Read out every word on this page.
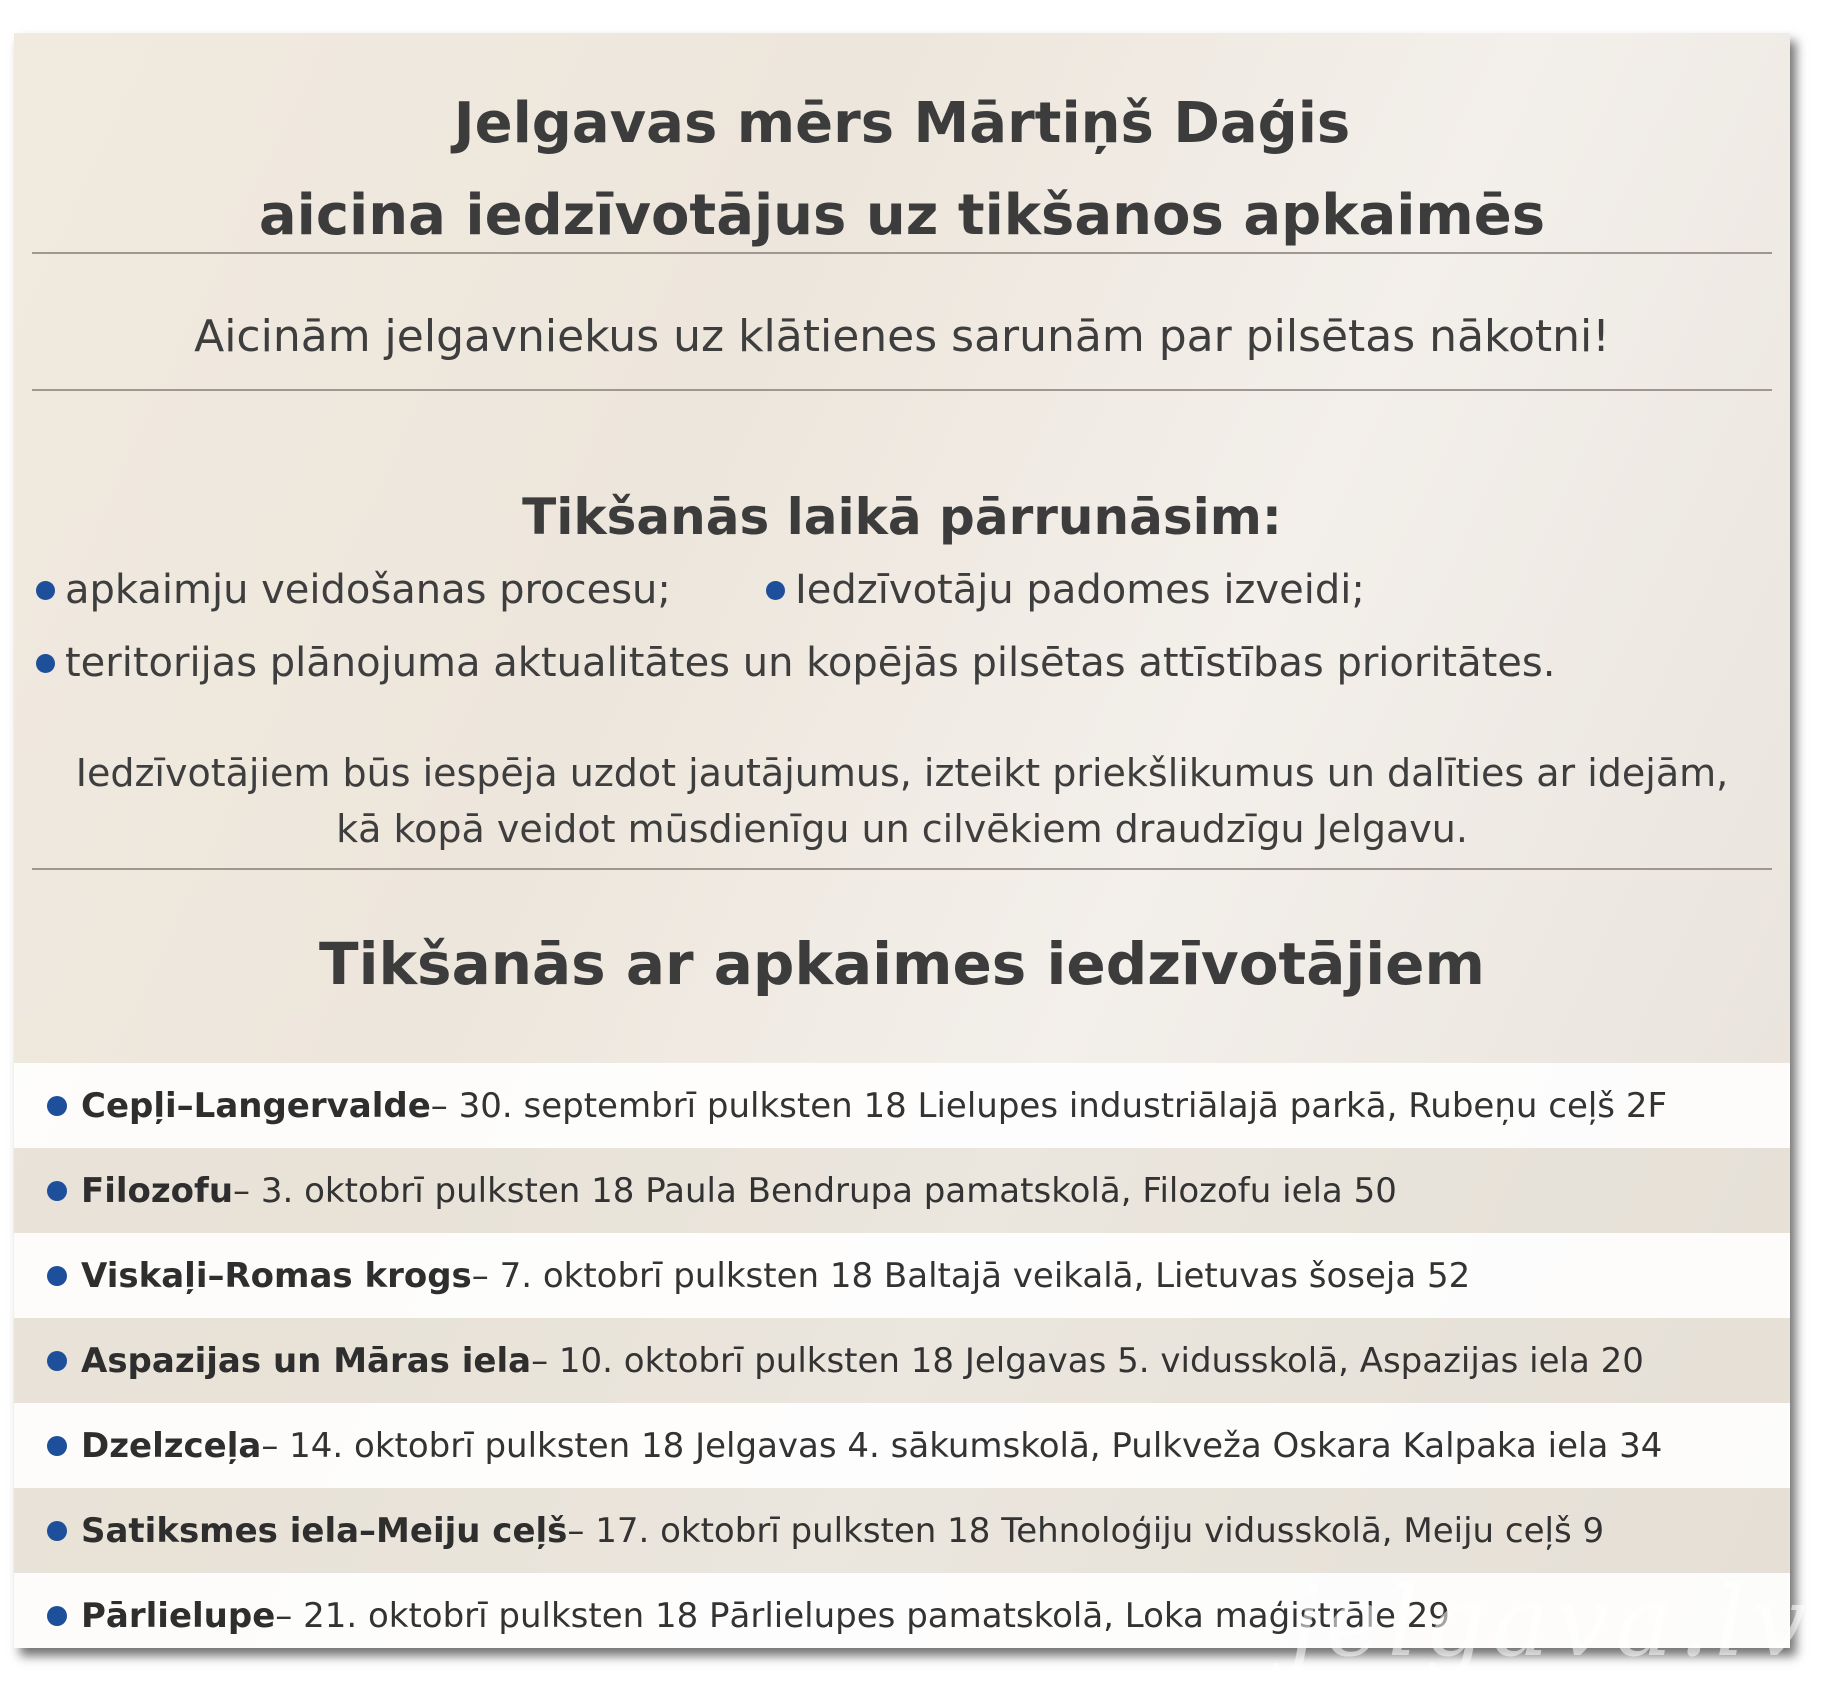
Jelgavas mērs Mārtiņš Daģis
aicina iedzīvotājus uz tikšanos apkaimēs

Aicinām jelgavniekus uz klātienes sarunām par pilsētas nākotni!

Tikšanās laikā pārrunāsim:
apkaimju veidošanas procesu;	Iedzīvotāju padomes izveidi;
teritorijas plānojuma aktualitātes un kopējās pilsētas attīstības prioritātes.

Iedzīvotājiem būs iespēja uzdot jautājumus, izteikt priekšlikumus un dalīties ar idejām,

kā kopā veidot mūsdienīgu un cilvēkiem draudzīgu Jelgavu.

Tikšanās ar apkaimes iedzīvotājiem
Cepļi–Langervalde – 30. septembrī pulksten 18 Lielupes industriālajā parkā, Rubeņu ceļš 2F
Filozofu – 3. oktobrī pulksten 18 Paula Bendrupa pamatskolā, Filozofu iela 50
Viskaļi–Romas krogs – 7. oktobrī pulksten 18 Baltajā veikalā, Lietuvas šoseja 52
Aspazijas un Māras iela – 10. oktobrī pulksten 18 Jelgavas 5. vidusskolā, Aspazijas iela 20
Dzelzceļa – 14. oktobrī pulksten 18 Jelgavas 4. sākumskolā, Pulkveža Oskara Kalpaka iela 34
Satiksmes iela–Meiju ceļš – 17. oktobrī pulksten 18 Tehnoloģiju vidusskolā, Meiju ceļš 9
Pārlielupe – 21. oktobrī pulksten 18 Pārlielupes pamatskolā, Loka maģistrāle 29
jelgava.lv
